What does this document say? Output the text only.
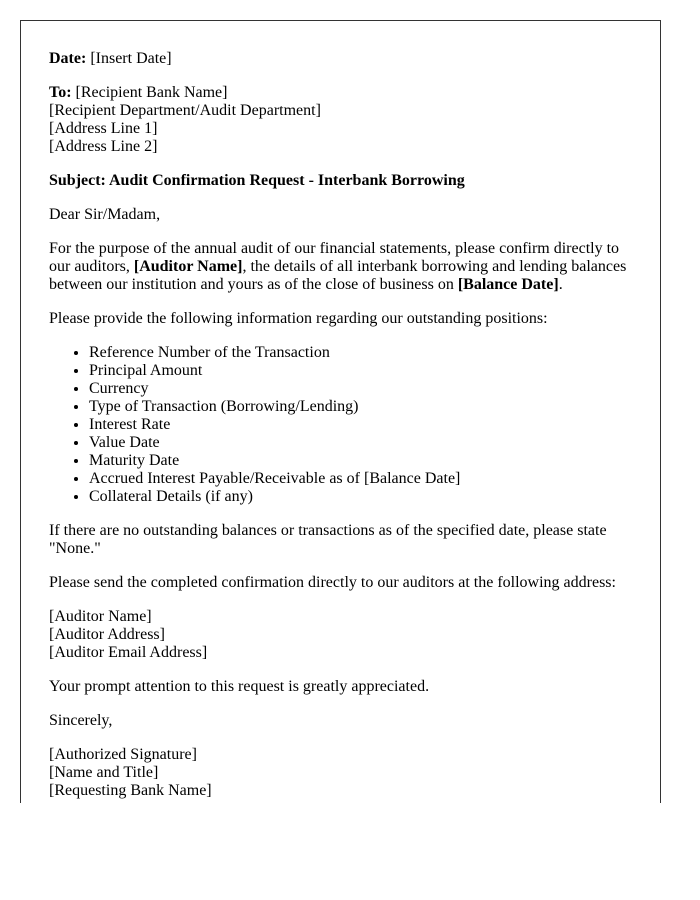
Date: [Insert Date]

To: [Recipient Bank Name]
[Recipient Department/Audit Department]
[Address Line 1]
[Address Line 2]

Subject: Audit Confirmation Request - Interbank Borrowing

Dear Sir/Madam,

For the purpose of the annual audit of our financial statements, please confirm directly to our auditors, [Auditor Name], the details of all interbank borrowing and lending balances between our institution and yours as of the close of business on [Balance Date].

Please provide the following information regarding our outstanding positions:

• Reference Number of the Transaction
• Principal Amount
• Currency
• Type of Transaction (Borrowing/Lending)
• Interest Rate
• Value Date
• Maturity Date
• Accrued Interest Payable/Receivable as of [Balance Date]
• Collateral Details (if any)

If there are no outstanding balances or transactions as of the specified date, please state "None."

Please send the completed confirmation directly to our auditors at the following address:

[Auditor Name]
[Auditor Address]
[Auditor Email Address]

Your prompt attention to this request is greatly appreciated.

Sincerely,

[Authorized Signature]
[Name and Title]
[Requesting Bank Name]
